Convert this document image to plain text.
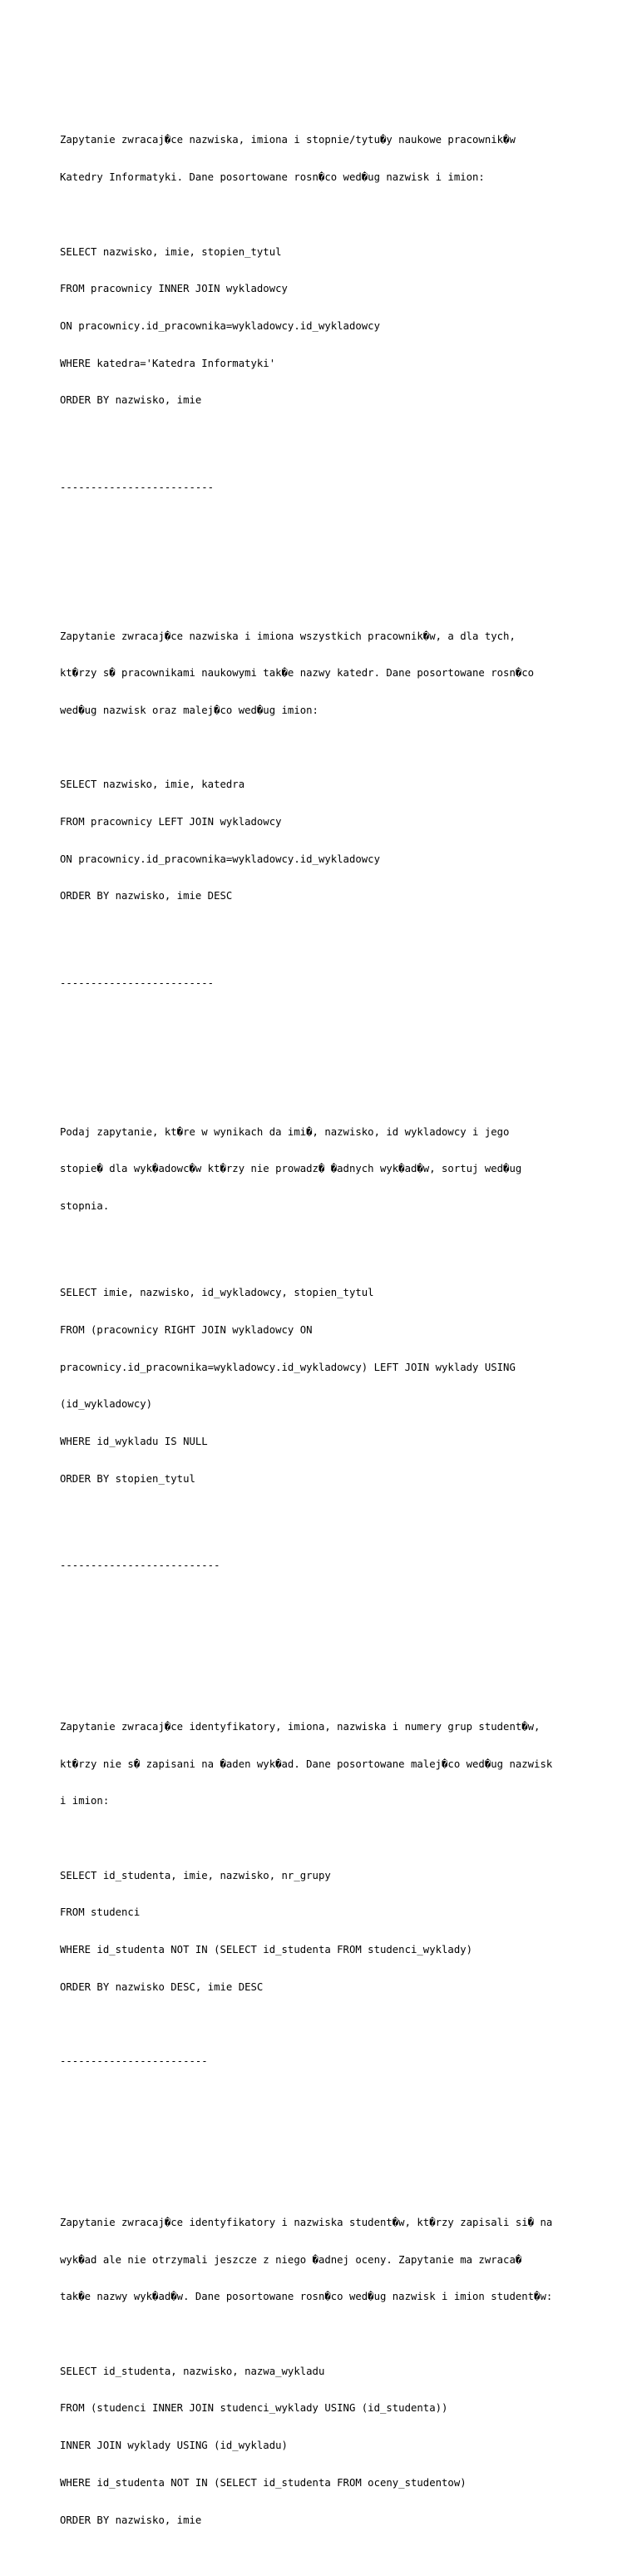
Zapytanie zwracaj�ce nazwiska, imiona i stopnie/tytu�y naukowe pracownik�w

Katedry Informatyki. Dane posortowane rosn�co wed�ug nazwisk i imion:

SELECT nazwisko, imie, stopien_tytul

FROM pracownicy INNER JOIN wykladowcy

ON pracownicy.id_pracownika=wykladowcy.id_wykladowcy

WHERE katedra='Katedra Informatyki'

ORDER BY nazwisko, imie

-------------------------

Zapytanie zwracaj�ce nazwiska i imiona wszystkich pracownik�w, a dla tych,

kt�rzy s� pracownikami naukowymi tak�e nazwy katedr. Dane posortowane rosn�co

wed�ug nazwisk oraz malej�co wed�ug imion:

SELECT nazwisko, imie, katedra

FROM pracownicy LEFT JOIN wykladowcy

ON pracownicy.id_pracownika=wykladowcy.id_wykladowcy

ORDER BY nazwisko, imie DESC

-------------------------

Podaj zapytanie, kt�re w wynikach da imi�, nazwisko, id wykladowcy i jego

stopie� dla wyk�adowc�w kt�rzy nie prowadz� �adnych wyk�ad�w, sortuj wed�ug

stopnia.

SELECT imie, nazwisko, id_wykladowcy, stopien_tytul

FROM (pracownicy RIGHT JOIN wykladowcy ON

pracownicy.id_pracownika=wykladowcy.id_wykladowcy) LEFT JOIN wyklady USING

(id_wykladowcy)

WHERE id_wykladu IS NULL

ORDER BY stopien_tytul

--------------------------

Zapytanie zwracaj�ce identyfikatory, imiona, nazwiska i numery grup student�w,

kt�rzy nie s� zapisani na �aden wyk�ad. Dane posortowane malej�co wed�ug nazwisk

i imion:

SELECT id_studenta, imie, nazwisko, nr_grupy

FROM studenci

WHERE id_studenta NOT IN (SELECT id_studenta FROM studenci_wyklady)

ORDER BY nazwisko DESC, imie DESC

------------------------

Zapytanie zwracaj�ce identyfikatory i nazwiska student�w, kt�rzy zapisali si� na

wyk�ad ale nie otrzymali jeszcze z niego �adnej oceny. Zapytanie ma zwraca�

tak�e nazwy wyk�ad�w. Dane posortowane rosn�co wed�ug nazwisk i imion student�w:

SELECT id_studenta, nazwisko, nazwa_wykladu

FROM (studenci INNER JOIN studenci_wyklady USING (id_studenta))

INNER JOIN wyklady USING (id_wykladu)

WHERE id_studenta NOT IN (SELECT id_studenta FROM oceny_studentow)

ORDER BY nazwisko, imie
